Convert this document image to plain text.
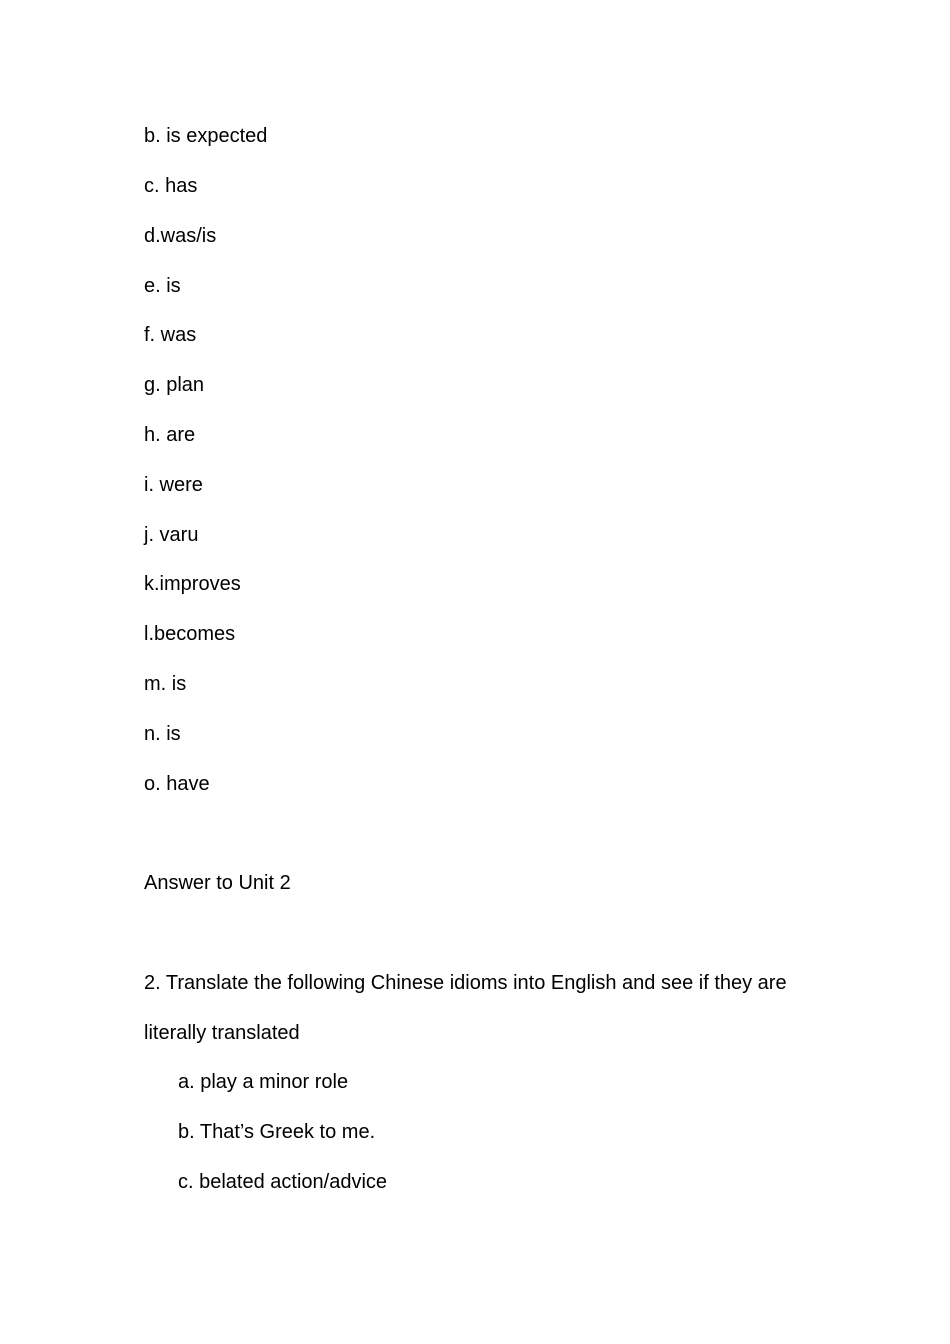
b. is expected
c. has
d.was/is
e. is
f. was
g. plan
h. are
i. were
j. varu
k.improves
l.becomes
m. is
n. is
o. have
Answer to Unit 2
2. Translate the following Chinese idioms into English and see if they are
literally translated
a. play a minor role
b. That’s Greek to me.
c. belated action/advice
